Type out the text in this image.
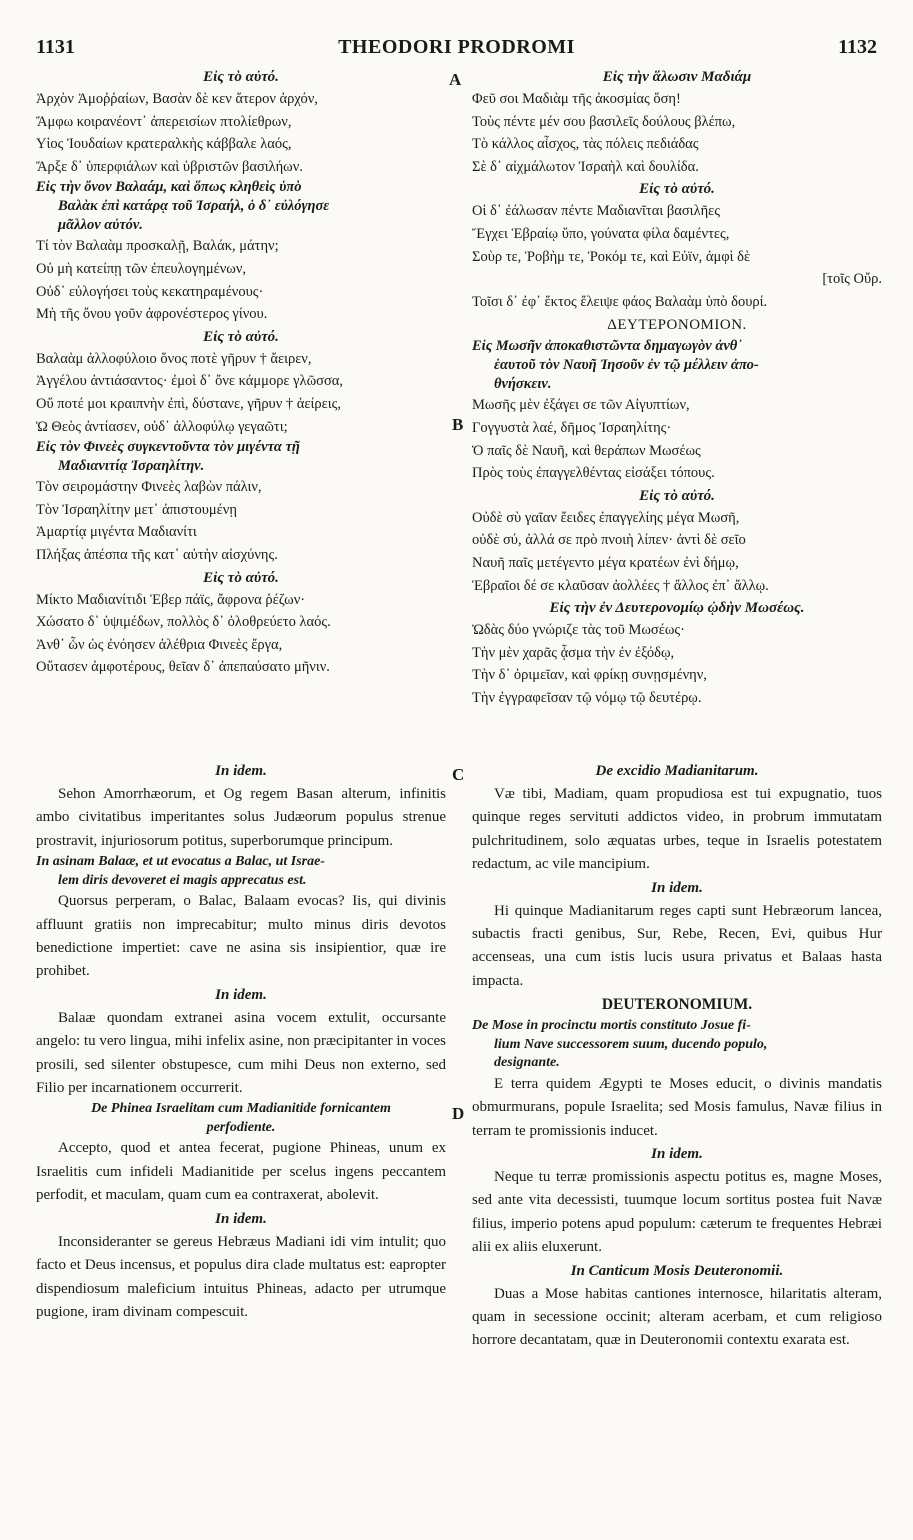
1131	THEODORI PRODROMI	1132
A
B
C
D
Εἰς τὸ αὐτό.
Ἀρχὸν Ἀμοῤῥαίων, Βασὰν δὲ κεν ἄτερον ἀρχόν,
Ἄμφω κοιρανέοντ᾽ ἀπερεισίων πτολίεθρων,
Υἱος Ἰουδαίων κρατεραλκὴς κάββαλε λαός,
Ἄρξε δ᾽ ὑπερφιάλων καὶ ὑβριστῶν βασιλήων.
Εἰς τὴν ὄνον Βαλαάμ, καὶ ὅπως κληθεὶς ὑπὸ
Βαλὰκ ἐπὶ κατάρᾳ τοῦ Ἰσραήλ, ὁ δ᾽ εὐλόγησε
μᾶλλον αὐτόν.
Τί τὸν Βαλαὰμ προσκαλῇ, Βαλάκ, μάτην;
Οὐ μὴ κατείπῃ τῶν ἐπευλογημένων,
Οὐδ᾽ εὐλογήσει τοὺς κεκατηραμένους·
Μὴ τῆς ὄνου γοῦν ἀφρονέστερος γίνου.
Εἰς τὸ αὐτό.
Βαλαὰμ ἀλλοφύλοιο ὄνος ποτὲ γῆρυν † ἄειρεν,
Ἀγγέλου ἀντιάσαντος· ἐμοὶ δ᾽ ὄνε κάμμορε γλῶσσα,
Οὔ ποτέ μοι κραιπνὴν ἐπὶ, δύστανε, γῆρυν † ἀείρεις,
Ὡ Θεὸς ἀντίασεν, οὐδ᾽ ἀλλοφύλῳ γεγαῶτι;
Εἰς τὸν Φινεὲς συγκεντοῦντα τὸν μιγέντα τῇ
Μαδιανιτίᾳ Ἰσραηλίτην.
Τὸν σειρομάστην Φινεὲς λαβὼν πάλιν,
Τὸν Ἰσραηλίτην μετ᾽ ἀπιστουμένῃ
Ἁμαρτίᾳ μιγέντα Μαδιανίτι
Πλήξας ἀπέσπα τῆς κατ᾽ αὐτὴν αἰσχύνης.
Εἰς τὸ αὐτό.
Μίκτο Μαδιανίτιδι Ἑβερ πάϊς, ἄφρονα ῥέζων·
Χώσατο δ᾽ ὑψιμέδων, πολλὸς δ᾽ ὀλοθρεύετο λαός.
Ἀνθ᾽ ὧν ὡς ἐνόησεν ἀλέθρια Φινεὲς ἔργα,
Οὔτασεν ἀμφοτέρους, θεῖαν δ᾽ ἀπεπαύσατο μῆνιν.
Εἰς τὴν ἅλωσιν Μαδιάμ
Φεῦ σοι Μαδιὰμ τῆς ἀκοσμίας ὅση!
Τοὺς πέντε μέν σου βασιλεῖς δούλους βλέπω,
Τὸ κάλλος αἶσχος, τὰς πόλεις πεδιάδας
Σὲ δ᾽ αἰχμάλωτον Ἰσραὴλ καὶ δουλίδα.
Εἰς τὸ αὐτό.
Οἱ δ᾽ ἐάλωσαν πέντε Μαδιανῖται βασιλῆες
Ἔγχει Ἑβραίῳ ὕπο, γούνατα φίλα δαμέντες,
Σοὺρ τε, Ῥοβὴμ τε, Ῥοκόμ τε, καὶ Εὐϊν, ἀμφὶ δὲ
[τοῖς Οὔρ.
Τοῖσι δ᾽ ἐφ᾽ ἕκτος ἔλειψε φάος Βαλαὰμ ὑπὸ δουρί.
ΔΕΥΤΕΡΟΝΟΜΙΟΝ.
Εἰς Μωσῆν ἀποκαθιστῶντα δημαγωγὸν ἀνθ᾽
ἑαυτοῦ τὸν Ναυῆ Ἰησοῦν ἐν τῷ μέλλειν ἀπο-
θνήσκειν.
Μωσῆς μὲν ἐξάγει σε τῶν Αἰγυπτίων,
Γογγυστὰ λαέ, δῆμος Ἰσραηλίτης·
Ὁ παῖς δὲ Ναυῆ, καὶ θεράπων Μωσέως
Πρὸς τοὺς ἐπαγγελθέντας εἰσάξει τόπους.
Εἰς τὸ αὐτό.
Οὐδὲ σὺ γαῖαν ἔειδες ἐπαγγελίης μέγα Μωσῆ,
οὐδὲ σύ, ἀλλά σε πρὸ πνοιὴ λίπεν· ἀντὶ δὲ σεῖο
Ναυῆ παῖς μετέγεντο μέγα κρατέων ἐνὶ δήμῳ,
Ἑβραῖοι δέ σε κλαῦσαν ἀολλέες † ἄλλος ἐπ᾽ ἄλλῳ.
Εἰς τὴν ἐν Δευτερονομίῳ ᾠδὴν Μωσέως.
Ὠδὰς δύο γνώριζε τὰς τοῦ Μωσέως·
Τὴν μὲν χαρᾶς ᾆσμα τὴν ἐν ἐξόδῳ,
Τὴν δ᾽ ὀριμεῖαν, καὶ φρίκῃ συνῃσμένην,
Τὴν ἐγγραφεῖσαν τῷ νόμῳ τῷ δευτέρῳ.
In idem.

Sehon Amorrhæorum, et Og regem Basan alterum, infinitis ambo civitatibus imperitantes solus Judæorum populus strenue prostravit, injuriosorum potitus, superborumque principum.

In asinam Balaæ, et ut evocatus a Balac, ut Israe-
lem diris devoveret ei magis apprecatus est.

Quorsus perperam, o Balac, Balaam evocas? Iis, qui divinis affluunt gratiis non imprecabitur; multo minus diris devotos benedictione impertiet: cave ne asina sis insipientior, quæ ire prohibet.

In idem.

Balaæ quondam extranei asina vocem extulit, occursante angelo: tu vero lingua, mihi infelix asine, non præcipitanter in voces prosili, sed silenter obstupesce, cum mihi Deus non externo, sed Filio per incarnationem occurrerit.

De Phinea Israelitam cum Madianitide fornicantem
perfodiente.

Accepto, quod et antea fecerat, pugione Phineas, unum ex Israelitis cum infideli Madianitide per scelus ingens peccantem perfodit, et maculam, quam cum ea contraxerat, abolevit.

In idem.

Inconsideranter se gereus Hebræus Madiani idi vim intulit; quo facto et Deus incensus, et populus dira clade multatus est: eapropter dispendiosum maleficium intuitus Phineas, adacto per utrumque pugione, iram divinam compescuit.

De excidio Madianitarum.

Væ tibi, Madiam, quam propudiosa est tui expugnatio, tuos quinque reges servituti addictos video, in probrum immutatam pulchritudinem, solo æquatas urbes, teque in Israelis potestatem redactum, ac vile mancipium.

In idem.

Hi quinque Madianitarum reges capti sunt Hebræorum lancea, subactis fracti genibus, Sur, Rebe, Recen, Evi, quibus Hur accenseas, una cum istis lucis usura privatus et Balaas hasta impacta.

DEUTERONOMIUM.
De Mose in procinctu mortis constituto Josue fi-
lium Nave successorem suum, ducendo populo,
designante.

E terra quidem Ægypti te Moses educit, o divinis mandatis obmurmurans, popule Israelita; sed Mosis famulus, Navæ filius in terram te promissionis inducet.

In idem.

Neque tu terræ promissionis aspectu potitus es, magne Moses, sed ante vita decessisti, tuumque locum sortitus postea fuit Navæ filius, imperio potens apud populum: cæterum te frequentes Hebræi alii ex aliis eluxerunt.

In Canticum Mosis Deuteronomii.

Duas a Mose habitas cantiones internosce, hilaritatis alteram, quam in secessione occinit; alteram acerbam, et cum religioso horrore decantatam, quæ in Deuteronomii contextu exarata est.
